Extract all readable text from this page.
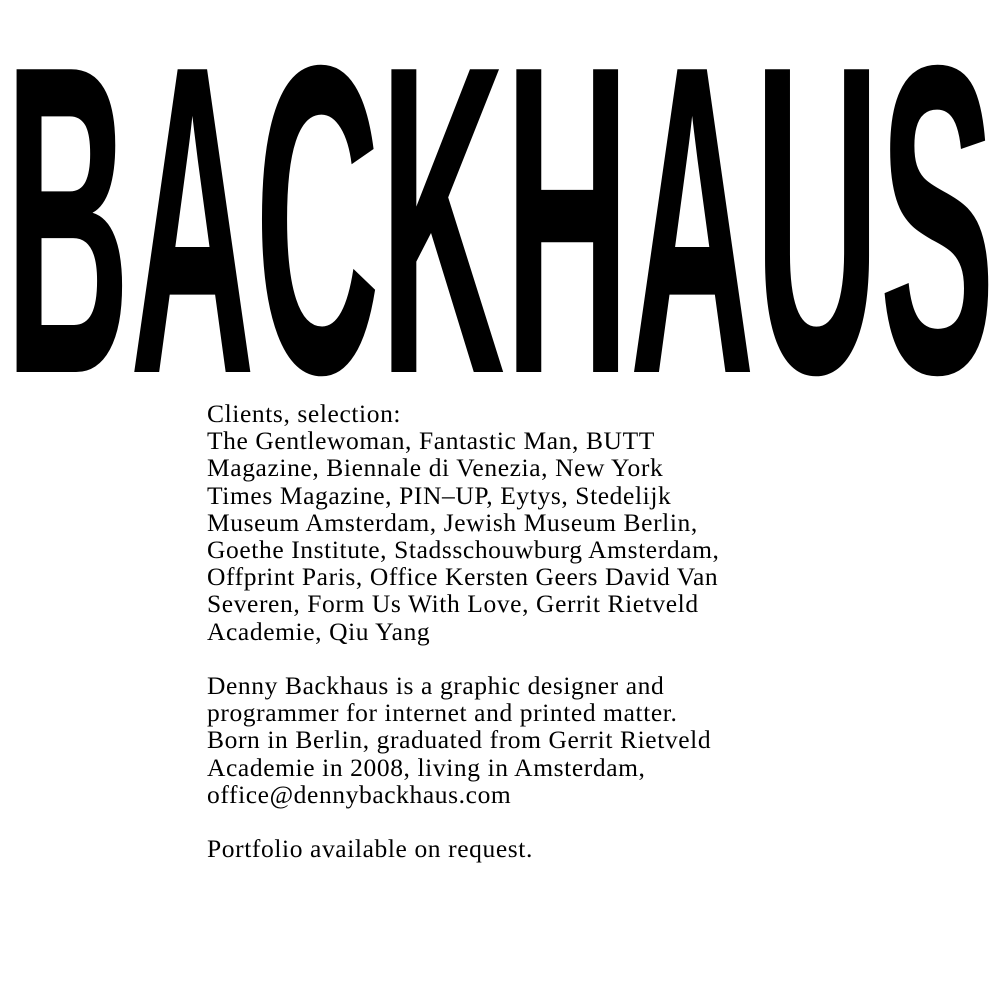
BACKHAUS

Clients, selection:

The Gentlewoman, Fantastic Man, BUTT
Magazine, Biennale di Venezia, New York
Times Magazine, PIN–UP, Eytys, Stedelijk
Museum Amsterdam, Jewish Museum Berlin,
Goethe Institute, Stadsschouwburg Amsterdam,
Offprint Paris, Office Kersten Geers David Van
Severen, Form Us With Love, Gerrit Rietveld
Academie, Qiu Yang

Denny Backhaus is a graphic designer and
programmer for internet and printed matter.
Born in Berlin, graduated from Gerrit Rietveld
Academie in 2008, living in Amsterdam,

office@dennybackhaus.com

Portfolio available on request.
